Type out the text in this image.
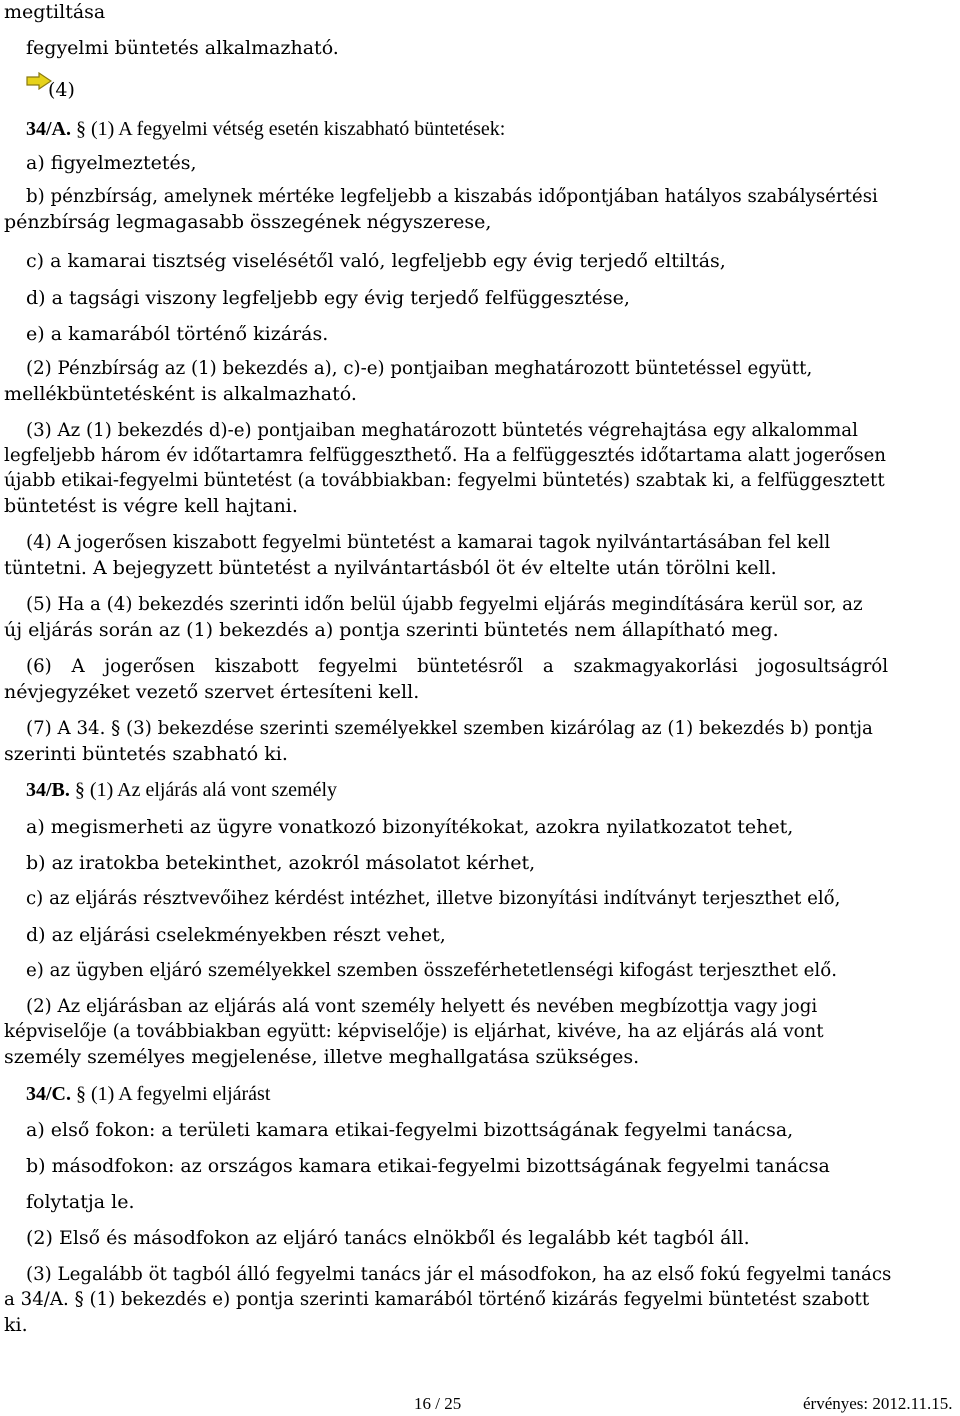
megtiltása

fegyelmi büntetés alkalmazható.

(4)

34/A. § (1) A fegyelmi vétség esetén kiszabható büntetések:

a) figyelmeztetés,

b) pénzbírság, amelynek mértéke legfeljebb a kiszabás időpontjában hatályos szabálysértési

pénzbírság legmagasabb összegének négyszerese,

c) a kamarai tisztség viselésétől való, legfeljebb egy évig terjedő eltiltás,

d) a tagsági viszony legfeljebb egy évig terjedő felfüggesztése,

e) a kamarából történő kizárás.

(2) Pénzbírság az (1) bekezdés a), c)-e) pontjaiban meghatározott büntetéssel együtt,

mellékbüntetésként is alkalmazható.

(3) Az (1) bekezdés d)-e) pontjaiban meghatározott büntetés végrehajtása egy alkalommal

legfeljebb három év időtartamra felfüggeszthető. Ha a felfüggesztés időtartama alatt jogerősen

újabb etikai-fegyelmi büntetést (a továbbiakban: fegyelmi büntetés) szabtak ki, a felfüggesztett

büntetést is végre kell hajtani.

(4) A jogerősen kiszabott fegyelmi büntetést a kamarai tagok nyilvántartásában fel kell

tüntetni. A bejegyzett büntetést a nyilvántartásból öt év eltelte után törölni kell.

(5) Ha a (4) bekezdés szerinti időn belül újabb fegyelmi eljárás megindítására kerül sor, az

új eljárás során az (1) bekezdés a) pontja szerinti büntetés nem állapítható meg.

(6) A jogerősen kiszabott fegyelmi büntetésről a szakmagyakorlási jogosultságról

névjegyzéket vezető szervet értesíteni kell.

(7) A 34. § (3) bekezdése szerinti személyekkel szemben kizárólag az (1) bekezdés b) pontja

szerinti büntetés szabható ki.

34/B. § (1) Az eljárás alá vont személy

a) megismerheti az ügyre vonatkozó bizonyítékokat, azokra nyilatkozatot tehet,

b) az iratokba betekinthet, azokról másolatot kérhet,

c) az eljárás résztvevőihez kérdést intézhet, illetve bizonyítási indítványt terjeszthet elő,

d) az eljárási cselekményekben részt vehet,

e) az ügyben eljáró személyekkel szemben összeférhetetlenségi kifogást terjeszthet elő.

(2) Az eljárásban az eljárás alá vont személy helyett és nevében megbízottja vagy jogi

képviselője (a továbbiakban együtt: képviselője) is eljárhat, kivéve, ha az eljárás alá vont

személy személyes megjelenése, illetve meghallgatása szükséges.

34/C. § (1) A fegyelmi eljárást

a) első fokon: a területi kamara etikai-fegyelmi bizottságának fegyelmi tanácsa,

b) másodfokon: az országos kamara etikai-fegyelmi bizottságának fegyelmi tanácsa

folytatja le.

(2) Első és másodfokon az eljáró tanács elnökből és legalább két tagból áll.

(3) Legalább öt tagból álló fegyelmi tanács jár el másodfokon, ha az első fokú fegyelmi tanács

a 34/A. § (1) bekezdés e) pontja szerinti kamarából történő kizárás fegyelmi büntetést szabott

ki.

16 / 25	érvényes: 2012.11.15.
